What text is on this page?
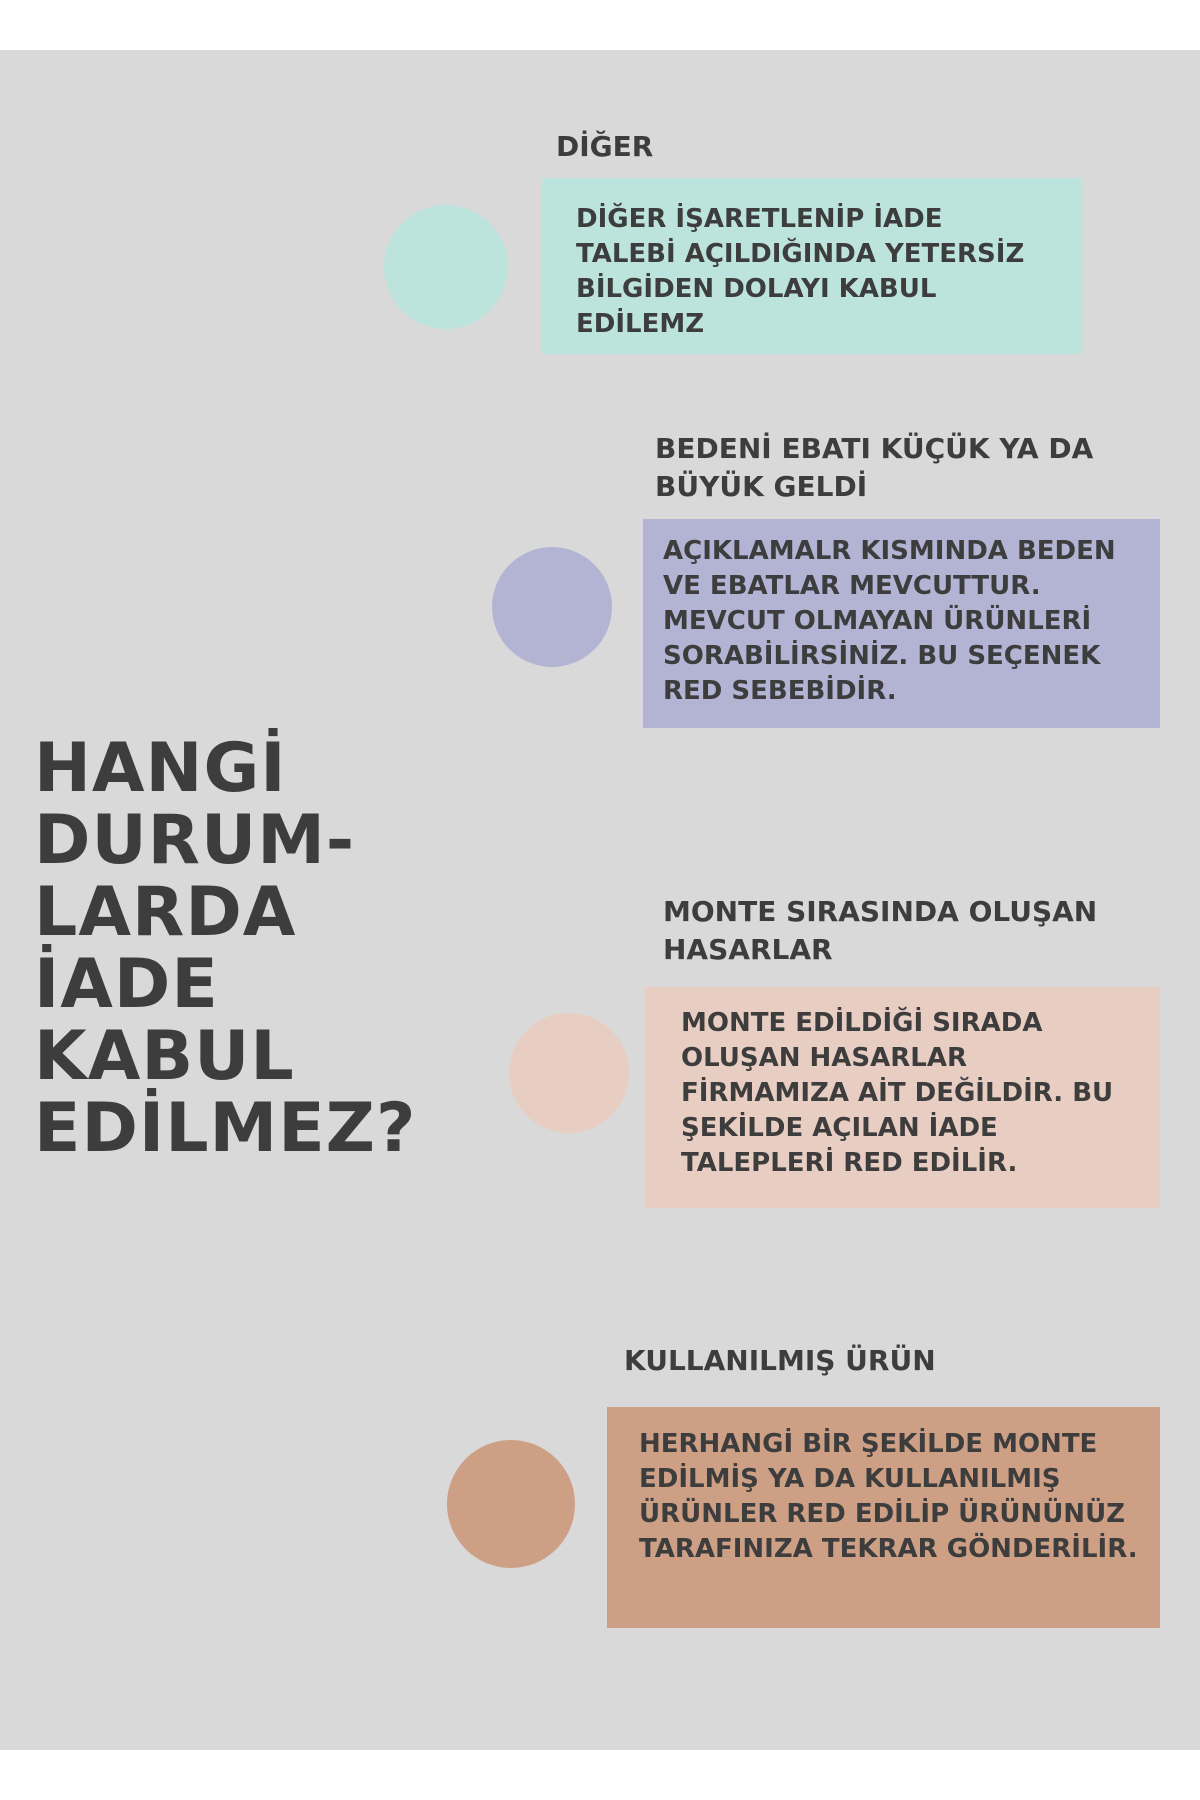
HANGİ
DURUM-
LARDA
İADE
KABUL
EDİLMEZ?
DİĞER
DİĞER İŞARETLENİP İADE TALEBİ AÇILDIĞINDA YETERSİZ BİLGİDEN DOLAYI KABUL EDİLEMZ
BEDENİ EBATI KÜÇÜK YA DA BÜYÜK GELDİ
AÇIKLAMALR KISMINDA BEDEN VE EBATLAR MEVCUTTUR. MEVCUT OLMAYAN ÜRÜNLERİ SORABİLİRSİNİZ. BU SEÇENEK RED SEBEBİDİR.
MONTE SIRASINDA OLUŞAN HASARLAR
MONTE EDİLDİĞİ SIRADA OLUŞAN HASARLAR FİRMAMIZA AİT DEĞİLDİR. BU ŞEKİLDE AÇILAN İADE TALEPLERİ RED EDİLİR.
KULLANILMIŞ ÜRÜN
HERHANGİ BİR ŞEKİLDE MONTE EDİLMİŞ YA DA KULLANILMIŞ ÜRÜNLER RED EDİLİP ÜRÜNÜNÜZ TARAFINIZA TEKRAR GÖNDERİLİR.
